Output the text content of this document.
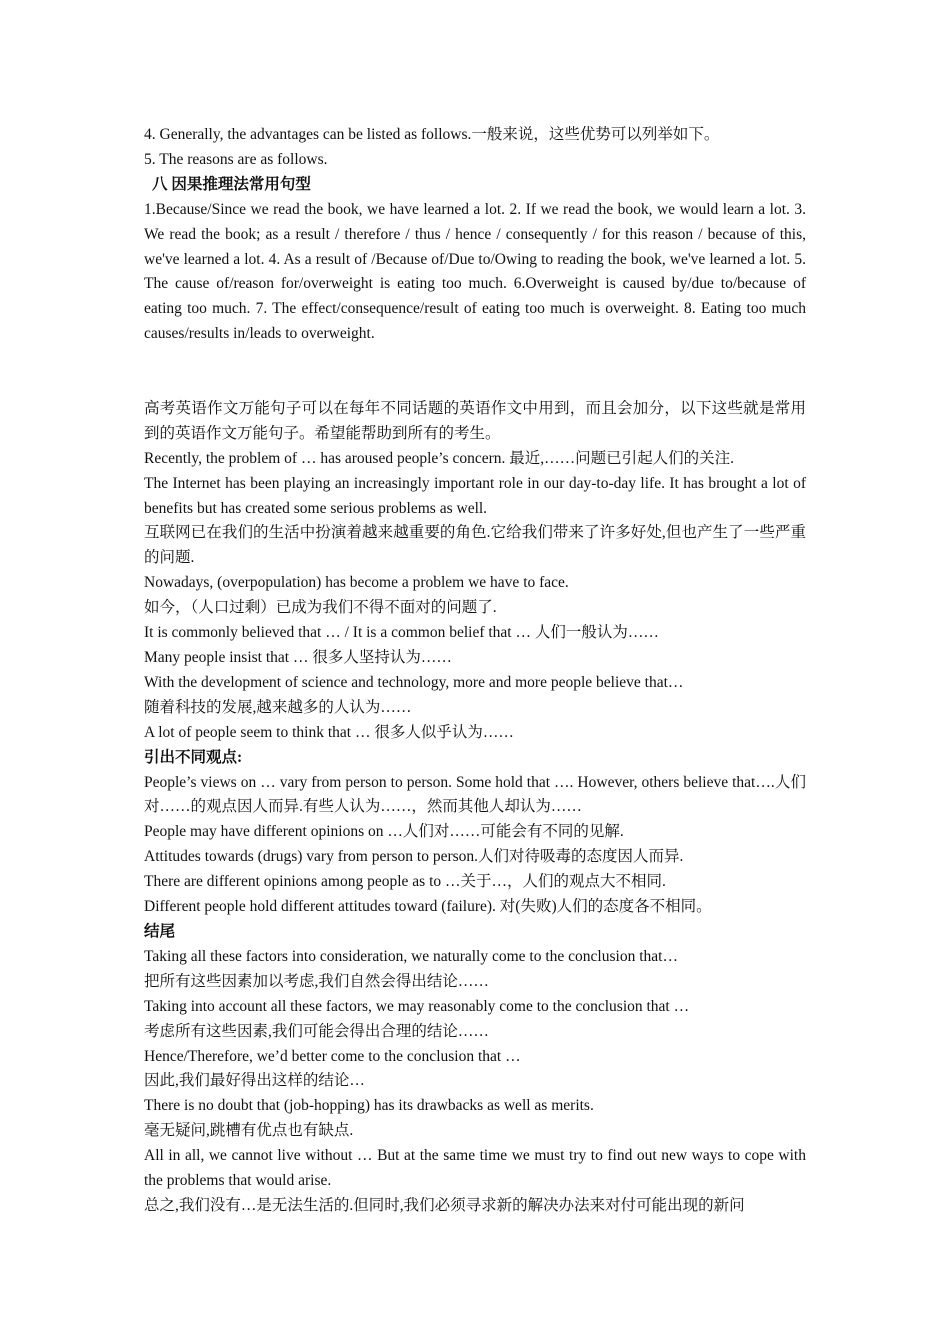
4. Generally, the advantages can be listed as follows.一般来说，这些优势可以列举如下。

5. The reasons are as follows.

八 因果推理法常用句型

1.Because/Since we read the book, we have learned a lot. 2. If we read the book, we would learn a lot. 3. We read the book; as a result / therefore / thus / hence / consequently / for this reason / because of this, we've learned a lot. 4. As a result of /Because of/Due to/Owing to reading the book, we've learned a lot. 5. The cause of/reason for/overweight is eating too much. 6.Overweight is caused by/due to/because of eating too much. 7. The effect/consequence/result of eating too much is overweight. 8. Eating too much causes/results in/leads to overweight.

高考英语作文万能句子可以在每年不同话题的英语作文中用到，而且会加分，以下这些就是常用到的英语作文万能句子。希望能帮助到所有的考生。

Recently, the problem of … has aroused people’s concern. 最近,……问题已引起人们的关注.

The Internet has been playing an increasingly important role in our day-to-day life. It has brought a lot of benefits but has created some serious problems as well.

互联网已在我们的生活中扮演着越来越重要的角色.它给我们带来了许多好处,但也产生了一些严重的问题.

Nowadays, (overpopulation) has become a problem we have to face.

如今，（人口过剩）已成为我们不得不面对的问题了.

It is commonly believed that … / It is a common belief that … 人们一般认为……

Many people insist that … 很多人坚持认为……

With the development of science and technology, more and more people believe that…

随着科技的发展,越来越多的人认为……

A lot of people seem to think that … 很多人似乎认为……

引出不同观点:

People’s views on … vary from person to person. Some hold that …. However, others believe that….人们对……的观点因人而异.有些人认为……，然而其他人却认为……

People may have different opinions on …人们对……可能会有不同的见解.

Attitudes towards (drugs) vary from person to person.人们对待吸毒的态度因人而异.

There are different opinions among people as to …关于…，人们的观点大不相同.

Different people hold different attitudes toward (failure). 对(失败)人们的态度各不相同。

结尾

Taking all these factors into consideration, we naturally come to the conclusion that…

把所有这些因素加以考虑,我们自然会得出结论……

Taking into account all these factors, we may reasonably come to the conclusion that …

考虑所有这些因素,我们可能会得出合理的结论……

Hence/Therefore, we’d better come to the conclusion that …

因此,我们最好得出这样的结论…

There is no doubt that (job-hopping) has its drawbacks as well as merits.

毫无疑问,跳槽有优点也有缺点.

All in all, we cannot live without … But at the same time we must try to find out new ways to cope with the problems that would arise.

总之,我们没有…是无法生活的.但同时,我们必须寻求新的解决办法来对付可能出现的新问
